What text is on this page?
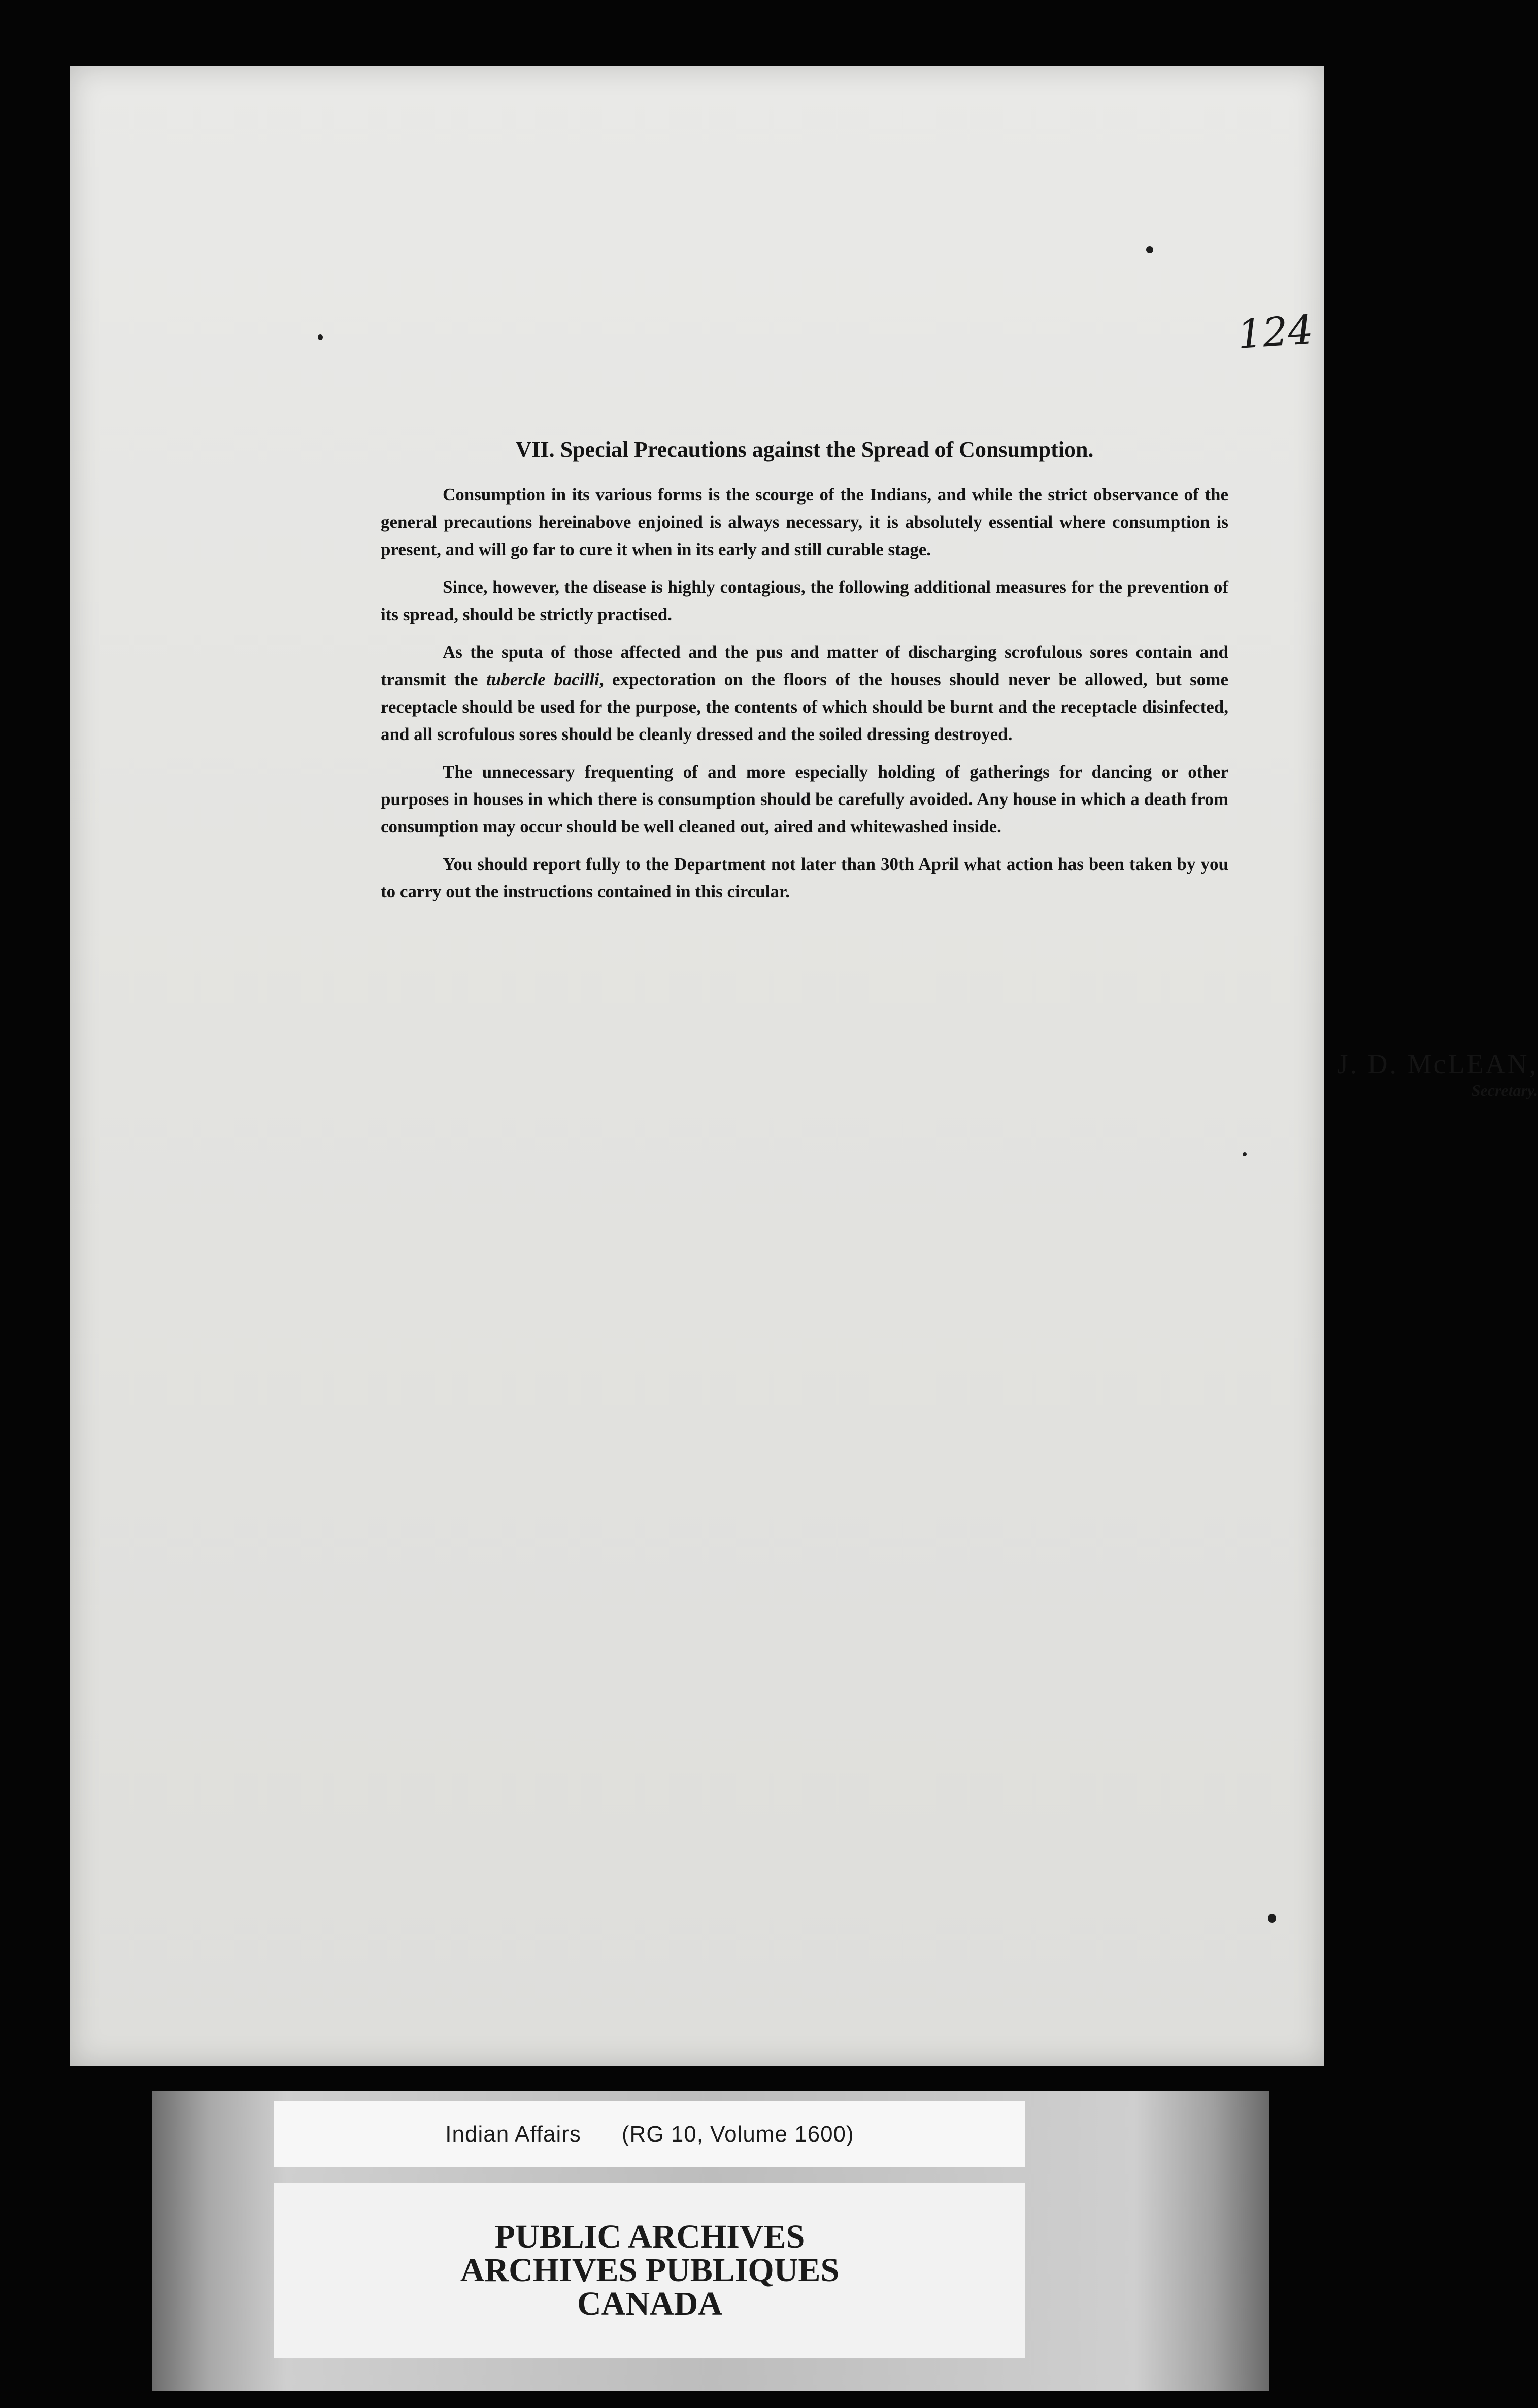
124
VII. Special Precautions against the Spread of Consumption.

Consumption in its various forms is the scourge of the Indians, and while the strict observance of the general precautions hereinabove enjoined is always necessary, it is absolutely essential where consumption is present, and will go far to cure it when in its early and still curable stage.

Since, however, the disease is highly contagious, the following additional measures for the prevention of its spread, should be strictly practised.

As the sputa of those affected and the pus and matter of discharging scrofulous sores contain and transmit the tubercle bacilli, expectoration on the floors of the houses should never be allowed, but some receptacle should be used for the purpose, the contents of which should be burnt and the receptacle disinfected, and all scrofulous sores should be cleanly dressed and the soiled dressing destroyed.

The unnecessary frequenting of and more especially holding of gatherings for dancing or other purposes in houses in which there is consumption should be carefully avoided. Any house in which a death from consumption may occur should be well cleaned out, aired and whitewashed inside.

You should report fully to the Department not later than 30th April what action has been taken by you to carry out the instructions contained in this circular.

J. D. McLEAN,
Secretary.
Indian Affairs (RG 10, Volume 1600)
PUBLIC ARCHIVES
ARCHIVES PUBLIQUES
CANADA
